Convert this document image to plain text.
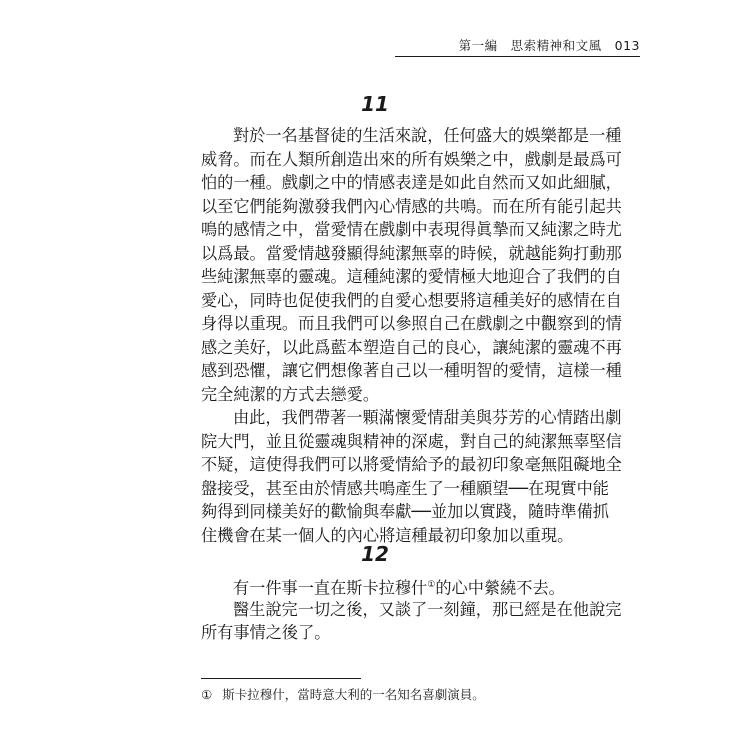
第一編　思索精神和文風　013
11
對於一名基督徒的生活來說，任何盛大的娛樂都是一種
威脅。而在人類所創造出來的所有娛樂之中，戲劇是最爲可
怕的一種。戲劇之中的情感表達是如此自然而又如此細膩，
以至它們能夠激發我們內心情感的共鳴。而在所有能引起共
鳴的感情之中，當愛情在戲劇中表現得眞摯而又純潔之時尤
以爲最。當愛情越發顯得純潔無辜的時候，就越能夠打動那
些純潔無辜的靈魂。這種純潔的愛情極大地迎合了我們的自
愛心，同時也促使我們的自愛心想要將這種美好的感情在自
身得以重現。而且我們可以參照自己在戲劇之中觀察到的情
感之美好，以此爲藍本塑造自己的良心，讓純潔的靈魂不再
感到恐懼，讓它們想像著自己以一種明智的愛情，這樣一種
完全純潔的方式去戀愛。
由此，我們帶著一顆滿懷愛情甜美與芬芳的心情踏出劇
院大門，並且從靈魂與精神的深處，對自己的純潔無辜堅信
不疑，這使得我們可以將愛情給予的最初印象毫無阻礙地全
盤接受，甚至由於情感共鳴產生了一種願望──在現實中能
夠得到同樣美好的歡愉與奉獻──並加以實踐，隨時準備抓
住機會在某一個人的內心將這種最初印象加以重現。
12
有一件事一直在斯卡拉穆什①的心中縈繞不去。
醫生說完一切之後，又談了一刻鐘，那已經是在他說完
所有事情之後了。
① 斯卡拉穆什，當時意大利的一名知名喜劇演員。
